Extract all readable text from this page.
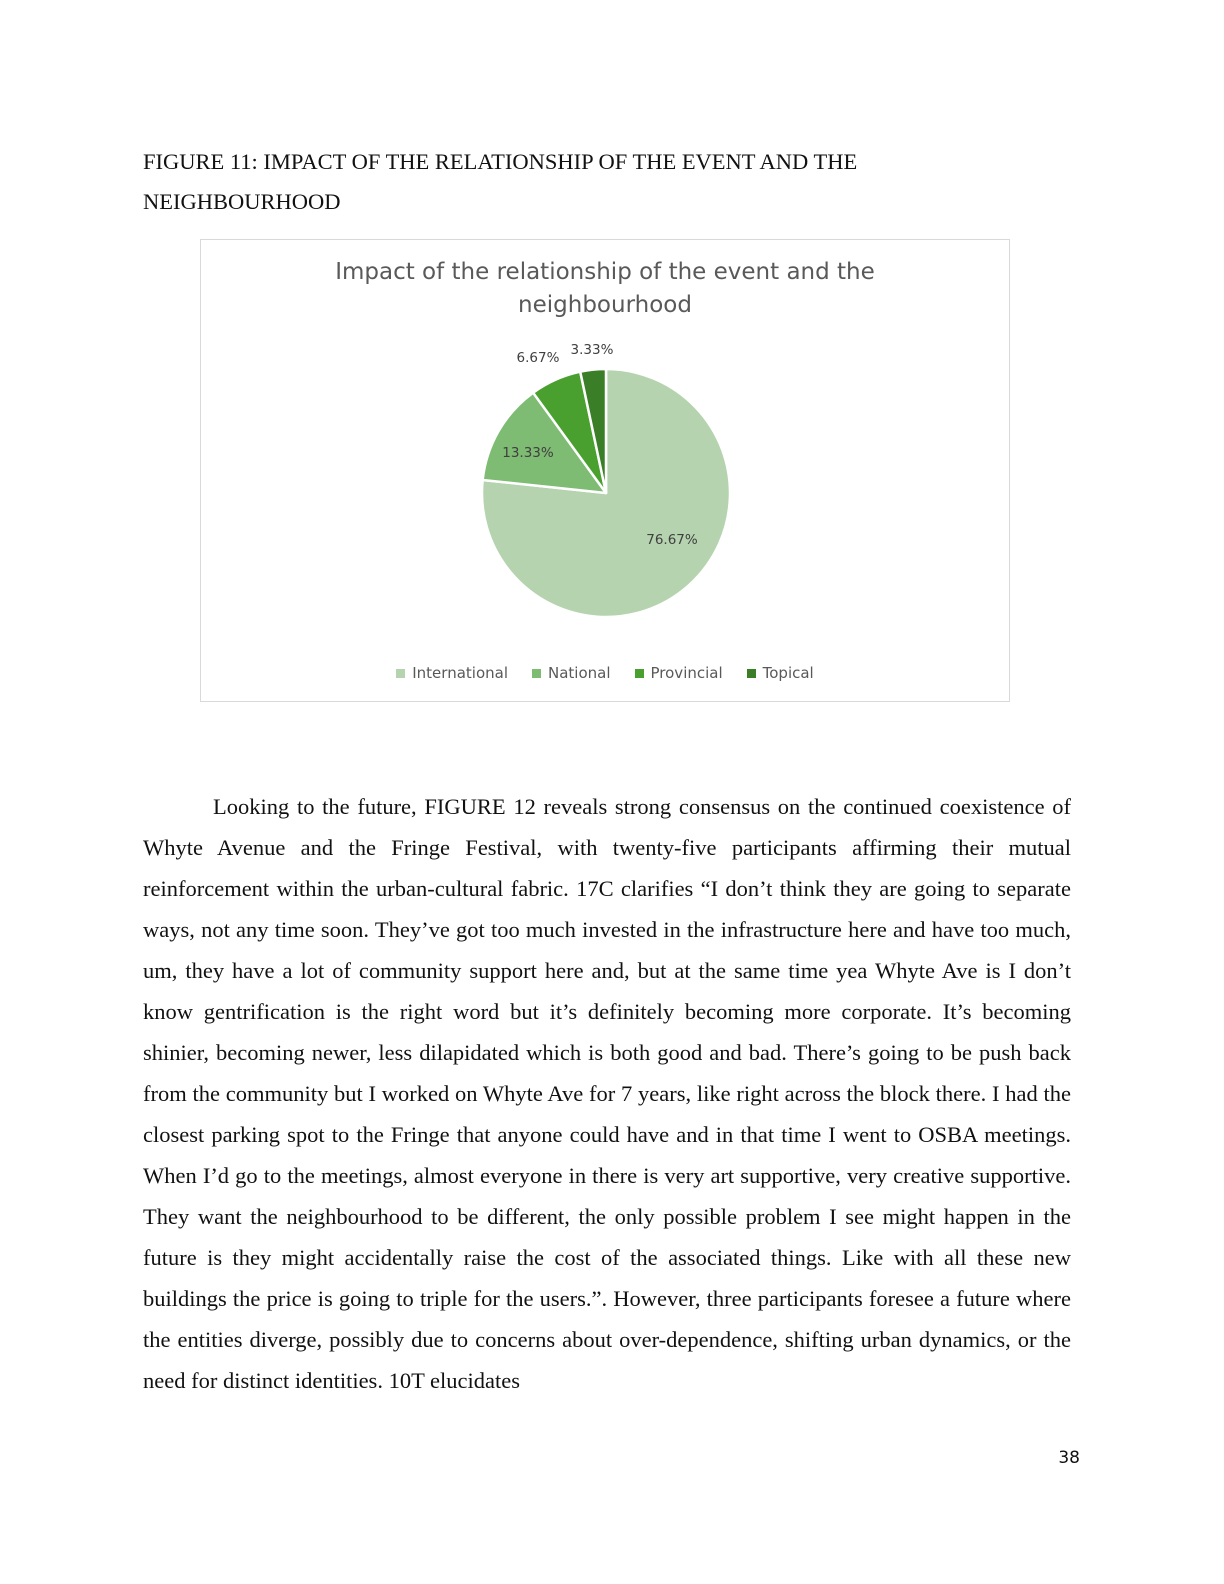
FIGURE 11: IMPACT OF THE RELATIONSHIP OF THE EVENT AND THE
NEIGHBOURHOOD

Impact of the relationship of the event and the
neighbourhood
76.67%
13.33%
6.67% 3.33%
International	National	Provincial	Topical

Looking to the future, FIGURE 12 reveals strong consensus on the continued coexistence of Whyte Avenue and the Fringe Festival, with twenty-five participants affirming their mutual reinforcement within the urban-cultural fabric. 17C clarifies “I don’t think they are going to separate ways, not any time soon. They’ve got too much invested in the infrastructure here and have too much, um, they have a lot of community support here and, but at the same time yea Whyte Ave is I don’t know gentrification is the right word but it’s definitely becoming more corporate. It’s becoming shinier, becoming newer, less dilapidated which is both good and bad. There’s going to be push back from the community but I worked on Whyte Ave for 7 years, like right across the block there. I had the closest parking spot to the Fringe that anyone could have and in that time I went to OSBA meetings. When I’d go to the meetings, almost everyone in there is very art supportive, very creative supportive. They want the neighbourhood to be different, the only possible problem I see might happen in the future is they might accidentally raise the cost of the associated things. Like with all these new buildings the price is going to triple for the users.”. However, three participants foresee a future where the entities diverge, possibly due to concerns about over-dependence, shifting urban dynamics, or the need for distinct identities. 10T elucidates

38
